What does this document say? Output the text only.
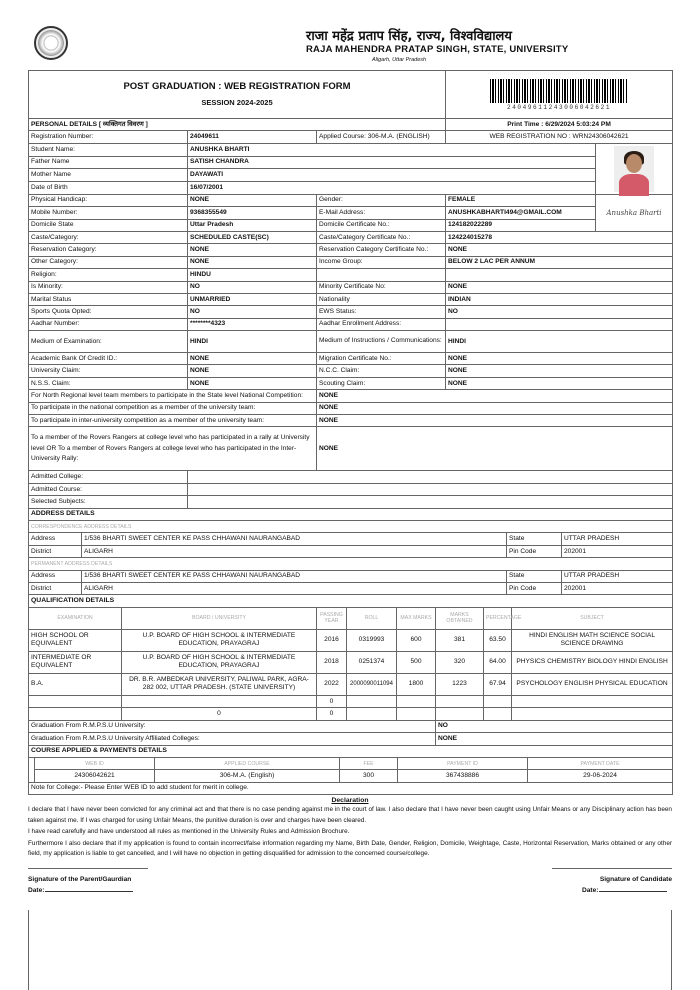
राजा महेंद्र प्रताप सिंह, राज्य, विश्वविद्यालय
RAJA MAHENDRA PRATAP SINGH, STATE, UNIVERSITY
Aligarh, Uttar Pradesh
POST GRADUATION : WEB REGISTRATION FORM
SESSION 2024-2025			24049611243006042621	

PERSONAL DETAILS [ व्यक्तिगत विवरण ]			Print Time : 6/29/2024 5:03:24 PM	
Registration Number:	24049611	Applied Course: 306-M.A. (ENGLISH)	WEB REGISTRATION NO : WRN24306042621	
Student Name:	ANUSHKA BHARTI			

Father Name	SATISH CHANDRA			
Mother Name	DAYAWATI			
Date of Birth	16/07/2001			
Physical Handicap:	NONE	Gender:	FEMALE	Anushka Bharti
Mobile Number:	9368355549	E-Mail Address:	ANUSHKABHARTI494@GMAIL.COM	
Domicile State	Uttar Pradesh	Domicile Certificate No.:	124182022289	
Caste/Category:	SCHEDULED CASTE(SC)	Caste/Category Certificate No.:	124224015278	
Reservation Category:	NONE	Reservation Category Certificate No.:	NONE	
Other Category:	NONE	Income Group:	BELOW 2 LAC PER ANNUM	
Religion:	HINDU			
Is Minority:	NO	Minority Certificate No:	NONE	
Marital Status	UNMARRIED	Nationality	INDIAN	
Sports Quota Opted:	NO	EWS Status:	NO	
Aadhar Number:	********4323	Aadhar Enrollment Address:		
Medium of Examination:	HINDI	Medium of Instructions / Communications:	HINDI	
Academic Bank Of Credit ID.:	NONE	Migration Certificate No.:	NONE	
University Claim:	NONE	N.C.C. Claim:	NONE	
N.S.S. Claim:	NONE	Scouting Claim:	NONE	
For North Regional level team members to participate in the State level National Competition:		NONE		
To participate in the national competition as a member of the university team:		NONE		
To participate in inter-university competition as a member of the university team:		NONE		
To a member of the Rovers Rangers at college level who has participated in a rally at University level OR To a member of Rovers Rangers at college level who has participated in the Inter-University Rally:		NONE		
Admitted College:				
Admitted Course:				
Selected Subjects:				
ADDRESS DETAILS			
CORRESPONDENCE ADDRESS DETAILS			
Address	1/536 BHARTI SWEET CENTER KE PASS CHHAWANI NAURANGABAD	State	UTTAR PRADESH
District	ALIGARH	Pin Code	202001
PERMANENT ADDRESS DETAILS			
Address	1/536 BHARTI SWEET CENTER KE PASS CHHAWANI NAURANGABAD	State	UTTAR PRADESH
District	ALIGARH	Pin Code	202001
QUALIFICATION DETAILS							
EXAMINATION	BOARD / UNIVERSITY	PASSING YEAR	ROLL	MAX MARKS	MARKS OBTAINED	PERCENTAGE	SUBJECT
HIGH SCHOOL OR EQUIVALENT	U.P. BOARD OF HIGH SCHOOL & INTERMEDIATE EDUCATION, PRAYAGRAJ	2016	0319993	600	381	63.50	HINDI ENGLISH MATH SCIENCE SOCIAL SCIENCE DRAWING
INTERMEDIATE OR EQUIVALENT	U.P. BOARD OF HIGH SCHOOL & INTERMEDIATE EDUCATION, PRAYAGRAJ	2018	0251374	500	320	64.00	PHYSICS CHEMISTRY BIOLOGY HINDI ENGLISH
B.A.	DR. B.R. AMBEDKAR UNIVERSITY, PALIWAL PARK, AGRA-282 002, UTTAR PRADESH. (STATE UNIVERSITY)	2022	2000090011094	1800	1223	67.94	PSYCHOLOGY ENGLISH PHYSICAL EDUCATION
		0					
	0	0					
Graduation From R.M.P.S.U University:					NO		
Graduation From R.M.P.S.U University Affiliated Colleges:					NONE		
COURSE APPLIED & PAYMENTS DETAILS					
	WEB ID	APPLIED COURSE	FEE	PAYMENT ID	PAYMENT DATE
	24306042621	306-M.A. (English)	300	367438886	29-06-2024
Note for College:- Please Enter WEB ID to add student for merit in college.					
Declaration

I declare that I have never been convicted for any criminal act and that there is no case pending against me in the court of law. I also declare that I have never been caught using Unfair Means or any Disciplinary action has been taken against me. If I was charged for using Unfair Means, the punitive duration is over and charges have been cleared.

I have read carefully and have understood all rules as mentioned in the University Rules and Admission Brochure.

Furthermore I also declare that if my application is found to contain incorrect/false information regarding my Name, Birth Date, Gender, Religion, Domicile, Weightage, Caste, Horizontal Reservation, Marks obtained or any other field, my application is liable to get cancelled, and I will have no objection in getting disqualified for admission to the concerned course/college.

Signature of the Parent/Gaurdian	Signature of Candidate
Date:	Date:
